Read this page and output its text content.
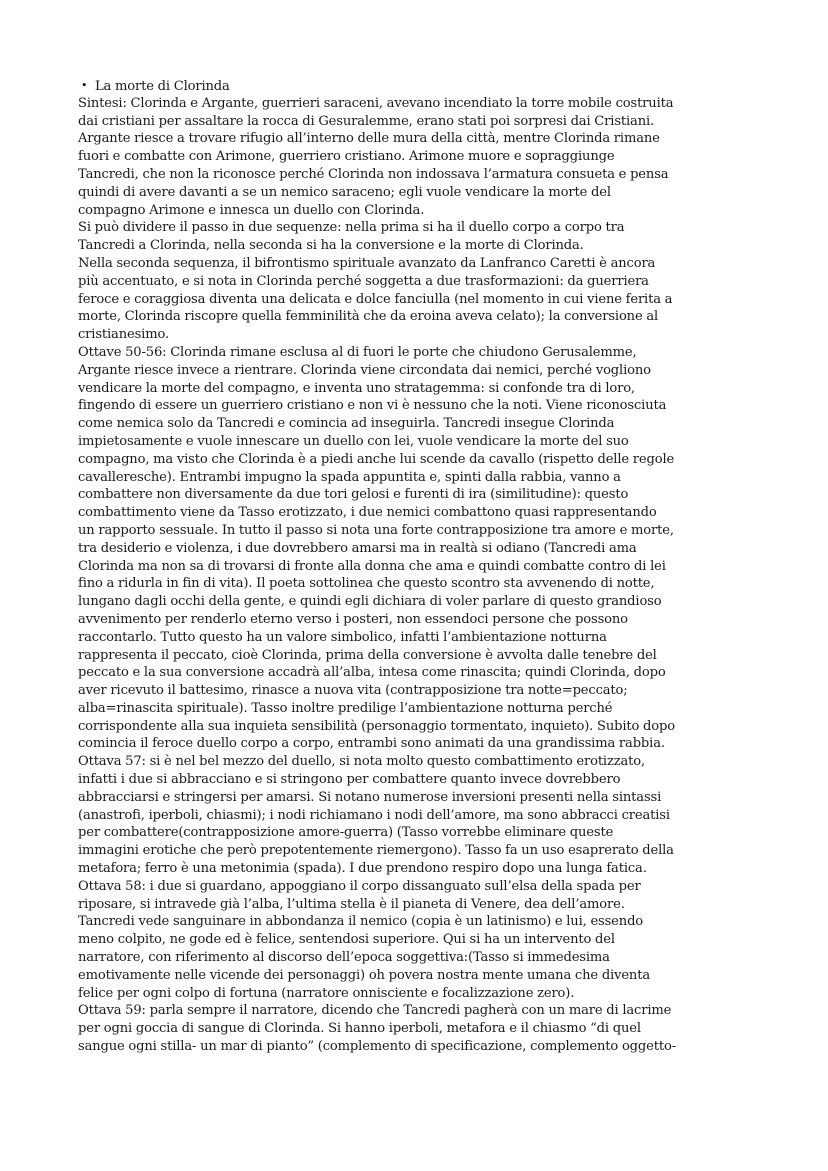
• La morte di Clorinda
Sintesi: Clorinda e Argante, guerrieri saraceni, avevano incendiato la torre mobile costruita
dai cristiani per assaltare la rocca di Gesuralemme, erano stati poi sorpresi dai Cristiani.
Argante riesce a trovare rifugio all’interno delle mura della città, mentre Clorinda rimane
fuori e combatte con Arimone, guerriero cristiano. Arimone muore e sopraggiunge
Tancredi, che non la riconosce perché Clorinda non indossava l’armatura consueta e pensa
quindi di avere davanti a se un nemico saraceno; egli vuole vendicare la morte del
compagno Arimone e innesca un duello con Clorinda.
Si può dividere il passo in due sequenze: nella prima si ha il duello corpo a corpo tra
Tancredi a Clorinda, nella seconda si ha la conversione e la morte di Clorinda.
Nella seconda sequenza, il bifrontismo spirituale avanzato da Lanfranco Caretti è ancora
più accentuato, e si nota in Clorinda perché soggetta a due trasformazioni: da guerriera
feroce e coraggiosa diventa una delicata e dolce fanciulla (nel momento in cui viene ferita a
morte, Clorinda riscopre quella femminilità che da eroina aveva celato); la conversione al
cristianesimo.
Ottave 50-56: Clorinda rimane esclusa al di fuori le porte che chiudono Gerusalemme,
Argante riesce invece a rientrare. Clorinda viene circondata dai nemici, perché vogliono
vendicare la morte del compagno, e inventa uno stratagemma: si confonde tra di loro,
fingendo di essere un guerriero cristiano e non vi è nessuno che la noti. Viene riconosciuta
come nemica solo da Tancredi e comincia ad inseguirla. Tancredi insegue Clorinda
impietosamente e vuole innescare un duello con lei, vuole vendicare la morte del suo
compagno, ma visto che Clorinda è a piedi anche lui scende da cavallo (rispetto delle regole
cavalleresche). Entrambi impugno la spada appuntita e, spinti dalla rabbia, vanno a
combattere non diversamente da due tori gelosi e furenti di ira (similitudine): questo
combattimento viene da Tasso erotizzato, i due nemici combattono quasi rappresentando
un rapporto sessuale. In tutto il passo si nota una forte contrapposizione tra amore e morte,
tra desiderio e violenza, i due dovrebbero amarsi ma in realtà si odiano (Tancredi ama
Clorinda ma non sa di trovarsi di fronte alla donna che ama e quindi combatte contro di lei
fino a ridurla in fin di vita). Il poeta sottolinea che questo scontro sta avvenendo di notte,
lungano dagli occhi della gente, e quindi egli dichiara di voler parlare di questo grandioso
avvenimento per renderlo eterno verso i posteri, non essendoci persone che possono
raccontarlo. Tutto questo ha un valore simbolico, infatti l’ambientazione notturna
rappresenta il peccato, cioè Clorinda, prima della conversione è avvolta dalle tenebre del
peccato e la sua conversione accadrà all’alba, intesa come rinascita; quindi Clorinda, dopo
aver ricevuto il battesimo, rinasce a nuova vita (contrapposizione tra notte=peccato;
alba=rinascita spirituale). Tasso inoltre predilige l’ambientazione notturna perché
corrispondente alla sua inquieta sensibilità (personaggio tormentato, inquieto). Subito dopo
comincia il feroce duello corpo a corpo, entrambi sono animati da una grandissima rabbia.
Ottava 57: si è nel bel mezzo del duello, si nota molto questo combattimento erotizzato,
infatti i due si abbracciano e si stringono per combattere quanto invece dovrebbero
abbracciarsi e stringersi per amarsi. Si notano numerose inversioni presenti nella sintassi
(anastrofi, iperboli, chiasmi); i nodi richiamano i nodi dell’amore, ma sono abbracci creatisi
per combattere(contrapposizione amore-guerra) (Tasso vorrebbe eliminare queste
immagini erotiche che però prepotentemente riemergono). Tasso fa un uso esaprerato della
metafora; ferro è una metonimia (spada). I due prendono respiro dopo una lunga fatica.
Ottava 58: i due si guardano, appoggiano il corpo dissanguato sull’elsa della spada per
riposare, si intravede già l’alba, l’ultima stella è il pianeta di Venere, dea dell’amore.
Tancredi vede sanguinare in abbondanza il nemico (copia è un latinismo) e lui, essendo
meno colpito, ne gode ed è felice, sentendosi superiore. Qui si ha un intervento del
narratore, con riferimento al discorso dell’epoca soggettiva:(Tasso si immedesima
emotivamente nelle vicende dei personaggi) oh povera nostra mente umana che diventa
felice per ogni colpo di fortuna (narratore onnisciente e focalizzazione zero).
Ottava 59: parla sempre il narratore, dicendo che Tancredi pagherà con un mare di lacrime
per ogni goccia di sangue di Clorinda. Si hanno iperboli, metafora e il chiasmo “di quel
sangue ogni stilla- un mar di pianto” (complemento di specificazione, complemento oggetto-
